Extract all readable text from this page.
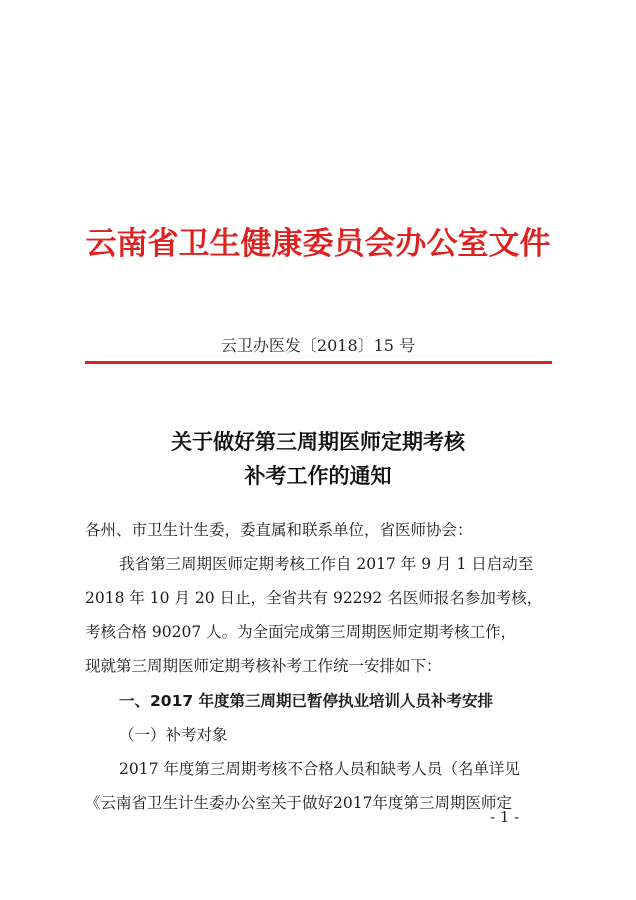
云南省卫生健康委员会办公室文件
云卫办医发〔2018〕15 号
关于做好第三周期医师定期考核
补考工作的通知
各州、市卫生计生委，委直属和联系单位，省医师协会：
我省第三周期医师定期考核工作自 2017 年 9 月 1 日启动至
2018 年 10 月 20 日止，全省共有 92292 名医师报名参加考核，
考核合格 90207 人。为全面完成第三周期医师定期考核工作，
现就第三周期医师定期考核补考工作统一安排如下：
一、2017 年度第三周期已暂停执业培训人员补考安排
（一）补考对象
2017 年度第三周期考核不合格人员和缺考人员（名单详见
《云南省卫生计生委办公室关于做好2017年度第三周期医师定
- 1 -
